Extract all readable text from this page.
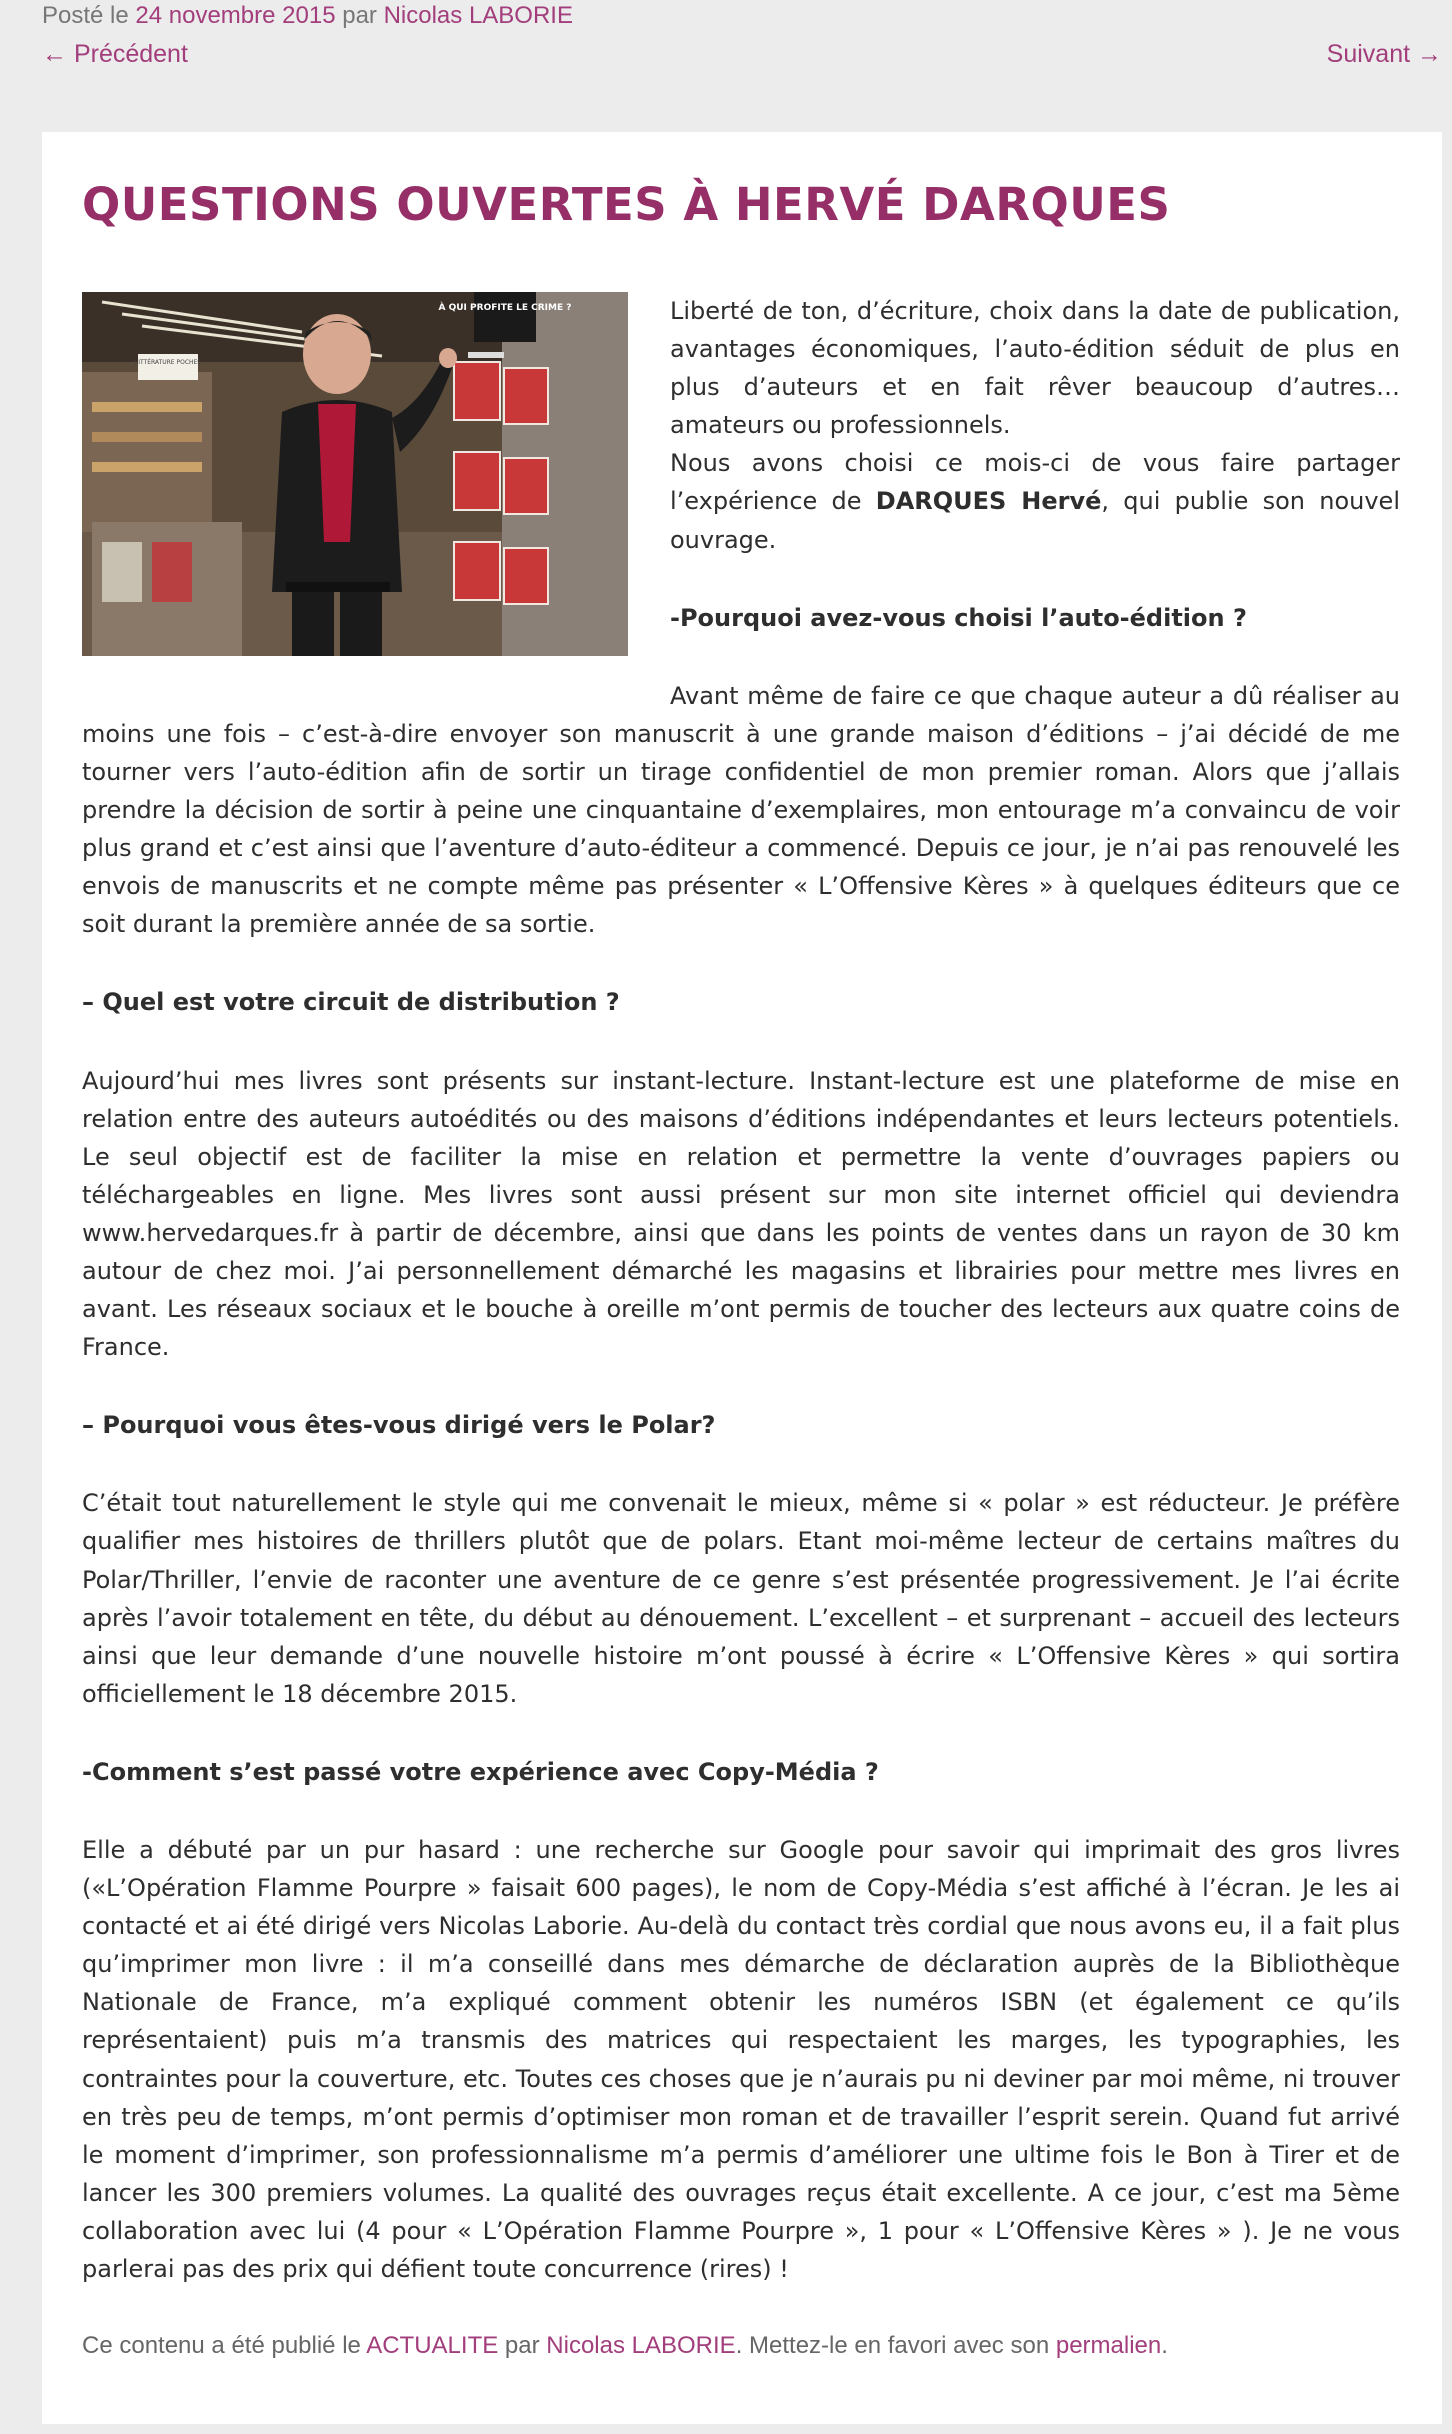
Posté le 24 novembre 2015 par Nicolas LABORIE
← Précédent	Suivant →
QUESTIONS OUVERTES À HERVÉ DARQUES
LITTÉRATURE POCHES
À QUI PROFITE LE CRIME ?	Liberté de ton, d’écriture, choix dans la date de publication, avantages économiques, l’auto-édition séduit de plus en plus d’auteurs et en fait rêver beaucoup d’autres… amateurs ou professionnels.

Nous avons choisi ce mois-ci de vous faire partager l’expérience de DARQUES Hervé, qui publie son nouvel ouvrage.

-Pourquoi avez-vous choisi l’auto-édition ?

Avant même de faire ce que chaque auteur a dû réaliser au moins une fois – c’est-à-dire envoyer son manuscrit à une grande maison d’éditions – j’ai décidé de me tourner vers l’auto-édition afin de sortir un tirage confidentiel de mon premier roman. Alors que j’allais prendre la décision de sortir à peine une cinquantaine d’exemplaires, mon entourage m’a convaincu de voir plus grand et c’est ainsi que l’aventure d’auto-éditeur a commencé. Depuis ce jour, je n’ai pas renouvelé les envois de manuscrits et ne compte même pas présenter « L’Offensive Kères » à quelques éditeurs que ce soit durant la première année de sa sortie.

– Quel est votre circuit de distribution ?

Aujourd’hui mes livres sont présents sur instant-lecture. Instant-lecture est une plateforme de mise en relation entre des auteurs autoédités ou des maisons d’éditions indépendantes et leurs lecteurs potentiels. Le seul objectif est de faciliter la mise en relation et permettre la vente d’ouvrages papiers ou téléchargeables en ligne. Mes livres sont aussi présent sur mon site internet officiel qui deviendra www.hervedarques.fr à partir de décembre, ainsi que dans les points de ventes dans un rayon de 30 km autour de chez moi. J’ai personnellement démarché les magasins et librairies pour mettre mes livres en avant. Les réseaux sociaux et le bouche à oreille m’ont permis de toucher des lecteurs aux quatre coins de France.

– Pourquoi vous êtes-vous dirigé vers le Polar?

C’était tout naturellement le style qui me convenait le mieux, même si « polar » est réducteur. Je préfère qualifier mes histoires de thrillers plutôt que de polars. Etant moi-même lecteur de certains maîtres du Polar/Thriller, l’envie de raconter une aventure de ce genre s’est présentée progressivement. Je l’ai écrite après l’avoir totalement en tête, du début au dénouement. L’excellent – et surprenant – accueil des lecteurs ainsi que leur demande d’une nouvelle histoire m’ont poussé à écrire « L’Offensive Kères » qui sortira officiellement le 18 décembre 2015.

-Comment s’est passé votre expérience avec Copy-Média ?

Elle a débuté par un pur hasard : une recherche sur Google pour savoir qui imprimait des gros livres («L’Opération Flamme Pourpre » faisait 600 pages), le nom de Copy-Média s’est affiché à l’écran. Je les ai contacté et ai été dirigé vers Nicolas Laborie. Au-delà du contact très cordial que nous avons eu, il a fait plus qu’imprimer mon livre : il m’a conseillé dans mes démarche de déclaration auprès de la Bibliothèque Nationale de France, m’a expliqué comment obtenir les numéros ISBN (et également ce qu’ils représentaient) puis m’a transmis des matrices qui respectaient les marges, les typographies, les contraintes pour la couverture, etc. Toutes ces choses que je n’aurais pu ni deviner par moi même, ni trouver en très peu de temps, m’ont permis d’optimiser mon roman et de travailler l’esprit serein. Quand fut arrivé le moment d’imprimer, son professionnalisme m’a permis d’améliorer une ultime fois le Bon à Tirer et de lancer les 300 premiers volumes. La qualité des ouvrages reçus était excellente. A ce jour, c’est ma 5ème collaboration avec lui (4 pour « L’Opération Flamme Pourpre », 1 pour « L’Offensive Kères » ). Je ne vous parlerai pas des prix qui défient toute concurrence (rires) !

Ce contenu a été publié le ACTUALITE par Nicolas LABORIE. Mettez-le en favori avec son permalien.
